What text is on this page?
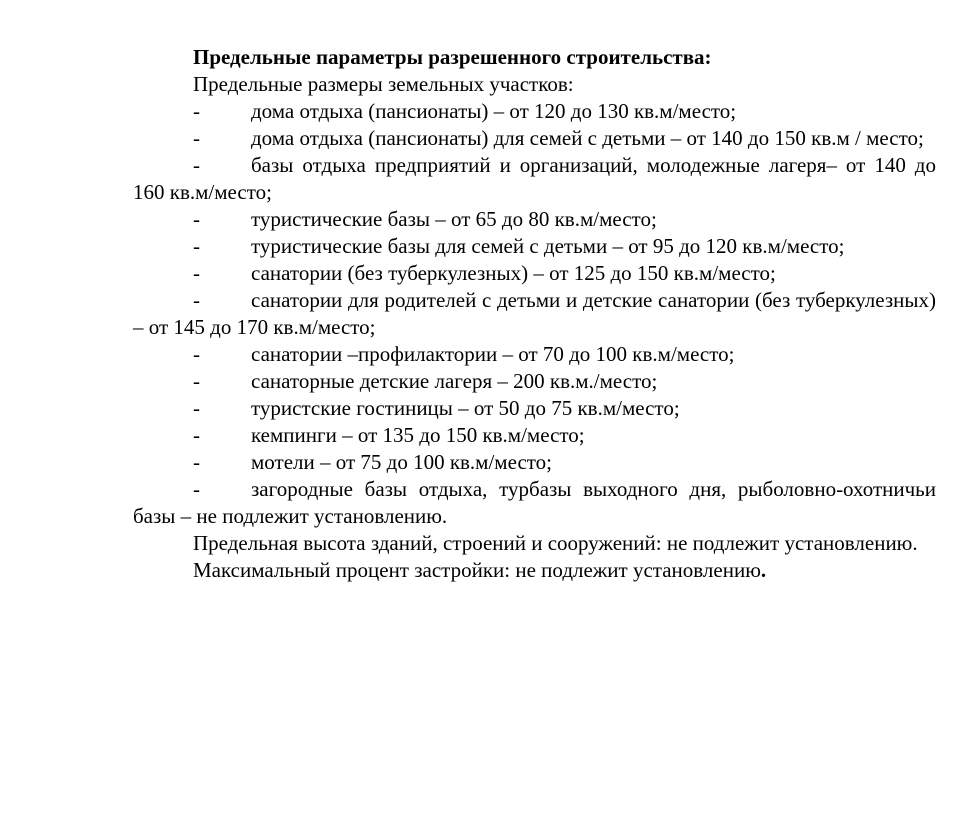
Предельные параметры разрешенного строительства:

Предельные размеры земельных участков:

- дома отдыха (пансионаты) – от 120 до 130 кв.м/место;

- дома отдыха (пансионаты) для семей с детьми – от 140 до 150 кв.м / место;

- базы отдыха предприятий и организаций, молодежные лагеря– от 140 до 160 кв.м/место;

- туристические базы – от 65 до 80 кв.м/место;

- туристические базы для семей с детьми – от 95 до 120 кв.м/место;

- санатории (без туберкулезных) – от 125 до 150 кв.м/место;

- санатории для родителей с детьми и детские санатории (без туберкулезных) – от 145 до 170 кв.м/место;

- санатории –профилактории – от 70 до 100 кв.м/место;

- санаторные детские лагеря – 200 кв.м./место;

- туристские гостиницы – от 50 до 75 кв.м/место;

- кемпинги – от 135 до 150 кв.м/место;

- мотели – от 75 до 100 кв.м/место;

- загородные базы отдыха, турбазы выходного дня, рыболовно-охотничьи базы – не подлежит установлению.

Предельная высота зданий, строений и сооружений: не подлежит установлению.

Максимальный процент застройки: не подлежит установлению.
